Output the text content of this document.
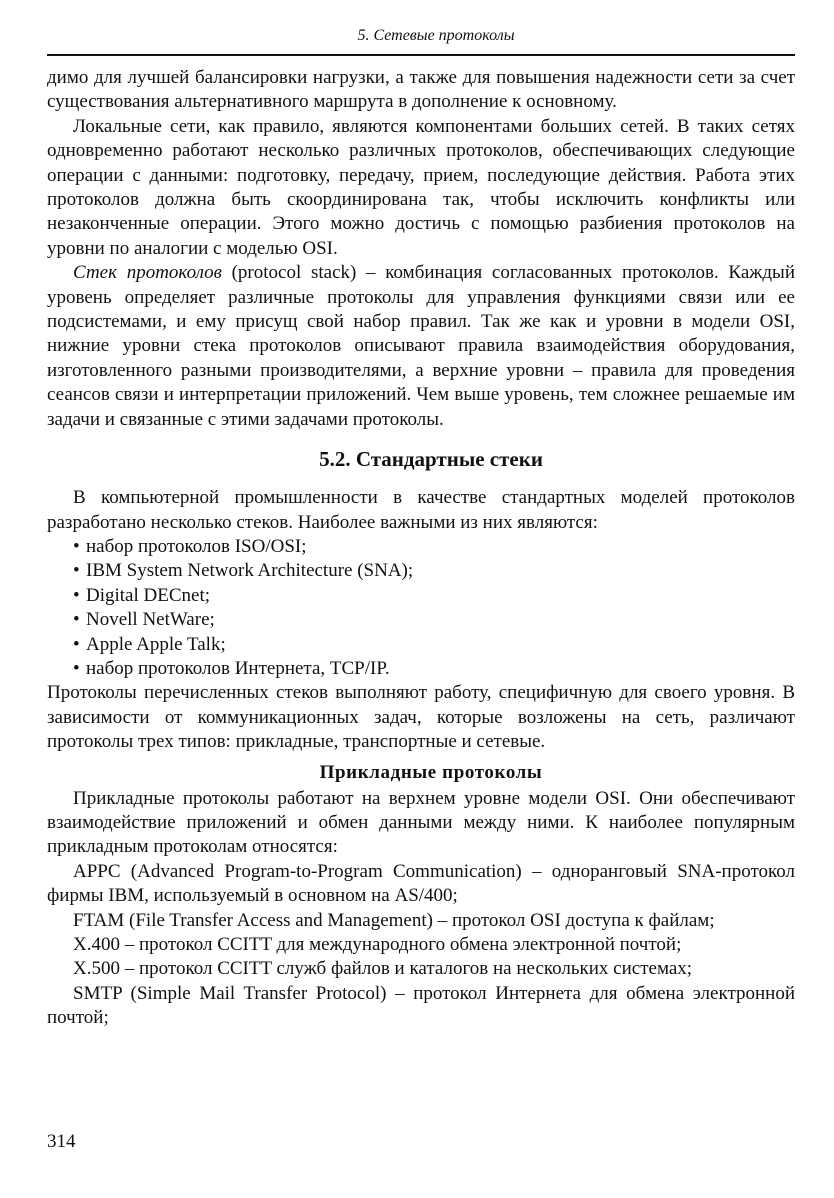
5. Сетевые протоколы

димо для лучшей балансировки нагрузки, а также для повышения надежности сети за счет существования альтернативного маршрута в дополнение к основному.

Локальные сети, как правило, являются компонентами больших сетей. В таких сетях одновременно работают несколько различных протоколов, обеспечивающих следующие операции с данными: подготовку, передачу, прием, последующие действия. Работа этих протоколов должна быть скоординирована так, чтобы исключить конфликты или незаконченные операции. Этого можно достичь с помощью разбиения протоколов на уровни по аналогии с моделью OSI.

Стек протоколов (protocol stack) – комбинация согласованных протоколов. Каждый уровень определяет различные протоколы для управления функциями связи или ее подсистемами, и ему присущ свой набор правил. Так же как и уровни в модели OSI, нижние уровни стека протоколов описывают правила взаимодействия оборудования, изготовленного разными производителями, а верхние уровни – правила для проведения сеансов связи и интерпретации приложений. Чем выше уровень, тем сложнее решаемые им задачи и связанные с этими задачами протоколы.

5.2. Стандартные стеки

В компьютерной промышленности в качестве стандартных моделей протоколов разработано несколько стеков. Наиболее важными из них являются:

• набор протоколов ISO/OSI;
• IBM System Network Architecture (SNA);
• Digital DECnet;
• Novell NetWare;
• Apple Apple Talk;
• набор протоколов Интернета, TCP/IP.

Протоколы перечисленных стеков выполняют работу, специфичную для своего уровня. В зависимости от коммуникационных задач, которые возложены на сеть, различают протоколы трех типов: прикладные, транспортные и сетевые.

Прикладные протоколы

Прикладные протоколы работают на верхнем уровне модели OSI. Они обеспечивают взаимодействие приложений и обмен данными между ними. К наиболее популярным прикладным протоколам относятся:

APPC (Advanced Program-to-Program Communication) – одноранговый SNA-протокол фирмы IBM, используемый в основном на AS/400;

FTAM (File Transfer Access and Management) – протокол OSI доступа к файлам;

X.400 – протокол CCITT для международного обмена электронной почтой;

X.500 – протокол CCITT служб файлов и каталогов на нескольких системах;

SMTP (Simple Mail Transfer Protocol) – протокол Интернета для обмена электронной почтой;

314
